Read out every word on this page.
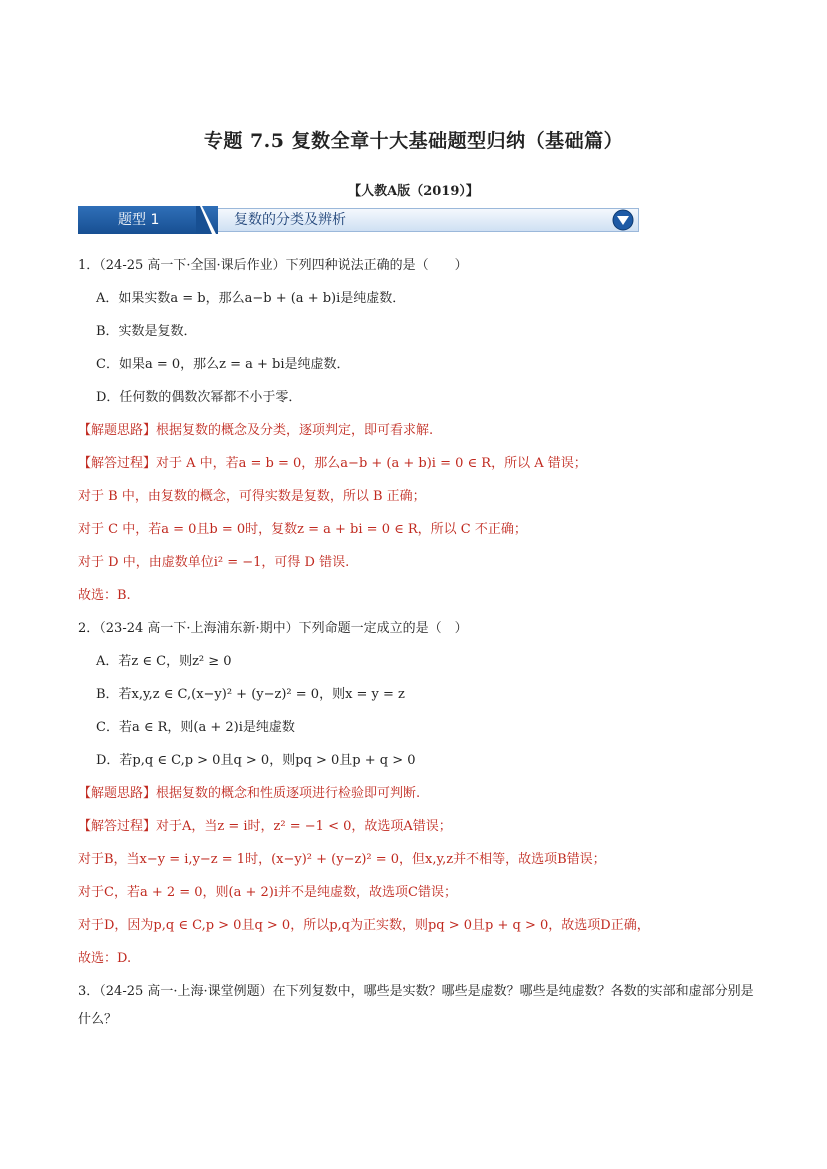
专题 7.5 复数全章十大基础题型归纳（基础篇）
【人教A版（2019）】
题型 1	复数的分类及辨析
1．（24-25 高一下·全国·课后作业）下列四种说法正确的是（　　）
A．如果实数a = b，那么a−b + (a + b)i是纯虚数．
B．实数是复数．
C．如果a = 0，那么z = a + bi是纯虚数．
D．任何数的偶数次幂都不小于零．
【解题思路】根据复数的概念及分类，逐项判定，即可看求解.
【解答过程】对于 A 中，若a = b = 0，那么a−b + (a + b)i = 0 ∈ R，所以 A 错误；
对于 B 中，由复数的概念，可得实数是复数，所以 B 正确；
对于 C 中，若a = 0且b = 0时，复数z = a + bi = 0 ∈ R，所以 C 不正确；
对于 D 中，由虚数单位i² = −1，可得 D 错误.
故选：B.
2．（23-24 高一下·上海浦东新·期中）下列命题一定成立的是（　）
A．若z ∈ C，则z² ≥ 0
B．若x,y,z ∈ C,(x−y)² + (y−z)² = 0，则x = y = z
C．若a ∈ R，则(a + 2)i是纯虚数
D．若p,q ∈ C,p > 0且q > 0，则pq > 0且p + q > 0
【解题思路】根据复数的概念和性质逐项进行检验即可判断.
【解答过程】对于A，当z = i时，z² = −1 < 0，故选项A错误；
对于B，当x−y = i,y−z = 1时，(x−y)² + (y−z)² = 0，但x,y,z并不相等，故选项B错误；
对于C，若a + 2 = 0，则(a + 2)i并不是纯虚数，故选项C错误；
对于D，因为p,q ∈ C,p > 0且q > 0，所以p,q为正实数，则pq > 0且p + q > 0，故选项D正确，
故选：D.
3．（24-25 高一·上海·课堂例题）在下列复数中，哪些是实数？哪些是虚数？哪些是纯虚数？各数的实部和虚部分别是什么？
